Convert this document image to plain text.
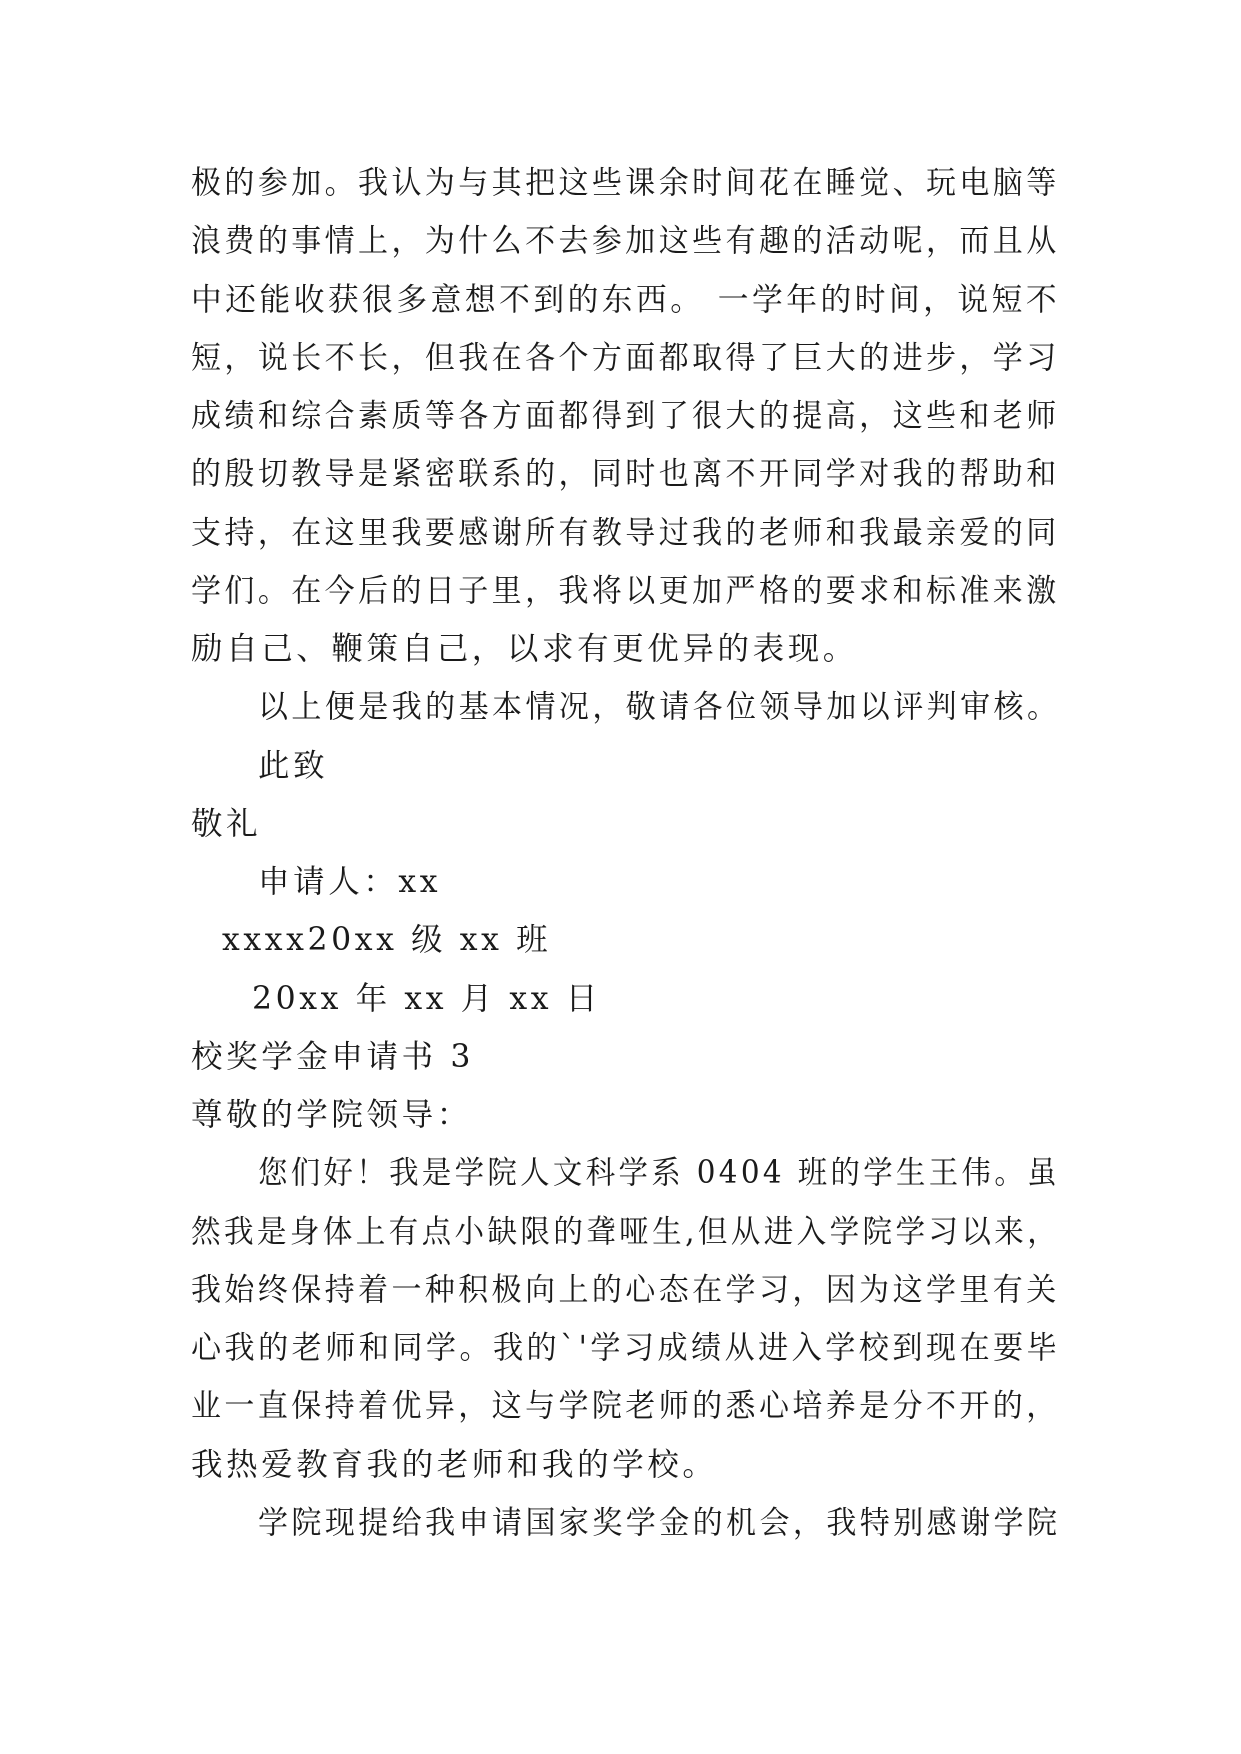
极的参加。我认为与其把这些课余时间花在睡觉、玩电脑等
浪费的事情上，为什么不去参加这些有趣的活动呢，而且从
中还能收获很多意想不到的东西。 一学年的时间，说短不
短，说长不长，但我在各个方面都取得了巨大的进步，学习
成绩和综合素质等各方面都得到了很大的提高，这些和老师
的殷切教导是紧密联系的，同时也离不开同学对我的帮助和
支持，在这里我要感谢所有教导过我的老师和我最亲爱的同
学们。在今后的日子里，我将以更加严格的要求和标准来激
励自己、鞭策自己，以求有更优异的表现。
以上便是我的基本情况，敬请各位领导加以评判审核。
此致
敬礼
申请人：xx
xxxx20xx 级 xx 班
20xx 年 xx 月 xx 日
校奖学金申请书 3
尊敬的学院领导：
您们好！我是学院人文科学系 0404 班的学生王伟。虽
然我是身体上有点小缺限的聋哑生,但从进入学院学习以来，
我始终保持着一种积极向上的心态在学习，因为这学里有关
心我的老师和同学。我的`'学习成绩从进入学校到现在要毕
业一直保持着优异，这与学院老师的悉心培养是分不开的，
我热爱教育我的老师和我的学校。
学院现提给我申请国家奖学金的机会，我特别感谢学院
